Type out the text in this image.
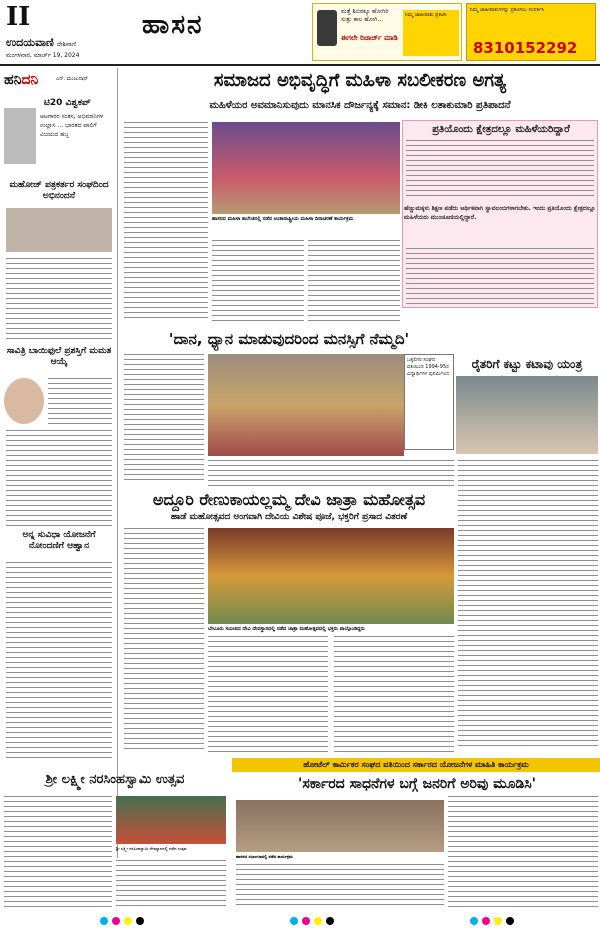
II
ಉದಯವಾಣಿ ದೇಶಿವಾಣಿ
ಮಂಗಳವಾರ, ಮಾರ್ಚ್ 19, 2024
ಹಾಸನ	ಮತ್ತೆ ಶಿಬಿರಕ್ಕೂ ಹೋಗಿರಿ ಸುತ್ತು ಕಾಲ ಹೋಗಿ...
ಈಗಲೇ ರಿಚಾರ್ಜ್ ಮಾಡಿ
ನಿಮ್ಮ ಜಾಹೀರಾತು ಪ್ರಕಟಿಸಿ
ನಿಮ್ಮ ಜಾಹೀರಾತುಗಳನ್ನು ಪ್ರಕಟಿಸಲು ಸಂಪರ್ಕಿಸಿ
8310152292
ಹನಿದನಿ	ಎನ್. ಮಂಜುನಾಥ್
ಟಿ20 ವಿಶ್ವಕಪ್
ಆಟಗಾರರ ಸಂತಸ, ಅಭಿಮಾನಿಗಳ ಉಲ್ಲಾಸ ... ಭಾರತದ ಪಾಲಿಗೆ ವಿಜಯದ ಹಬ್ಬ
ಮಹೋಜ್ ಪತ್ರಕರ್ತರ ಸಂಘದಿಂದ ಅಭಿನಂದನೆ
ಸಾವಿತ್ರಿ ಬಾಯಿಫುಲೆ ಪ್ರಶಸ್ತಿಗೆ ಮಮತ ಆಯ್ಕೆ
ಅನ್ನ ಸುವಿಧಾ ಯೋಜನೆಗೆ ನೋಂದಣಿಗೆ ಆಹ್ವಾನ
ಸಮಾಜದ ಅಭಿವೃದ್ಧಿಗೆ ಮಹಿಳಾ ಸಬಲೀಕರಣ ಅಗತ್ಯ
ಮಹಿಳೆಯರ ಅವಮಾನಿಸುವುದು ಮಾನಸಿಕ ದೌರ್ಜನ್ಯಕ್ಕೆ ಸಮಾನ: ಡೀಕಿ ಲತಾಕುಮಾರಿ ಪ್ರತಿಪಾದನೆ
ಹಾಸನದ ಮಹಿಳಾ ಕಾಲೇಜಿನಲ್ಲಿ ನಡೆದ ಅಂತಾರಾಷ್ಟ್ರೀಯ ಮಹಿಳಾ ದಿನಾಚರಣೆ ಕಾರ್ಯಕ್ರಮ
ಪ್ರತಿಯೊಂದು ಕ್ಷೇತ್ರದಲ್ಲೂ ಮಹಿಳೆಯರಿದ್ದಾರೆ
ಹೆಣ್ಣುಮಕ್ಕಳು ಶಿಕ್ಷಣ ಪಡೆದು ಆರ್ಥಿಕವಾಗಿ ಸ್ವಾವಲಂಬಿಗಳಾಗಬೇಕು. ಇಂದು ಪ್ರತಿಯೊಂದು ಕ್ಷೇತ್ರದಲ್ಲೂ ಮಹಿಳೆಯರು ಮುಂಚೂಣಿಯಲ್ಲಿದ್ದಾರೆ.
'ದಾನ, ಧ್ಯಾನ ಮಾಡುವುದರಿಂದ ಮನಸ್ಸಿಗೆ ನೆಮ್ಮದಿ'
ಒಕ್ಕಲಿಗರ ಸಂಘದ ವತಿಯಿಂದ 1994-95ರ ವಿದ್ಯಾರ್ಥಿಗಳ ಪುನರ್ಮಿಲನ
ರೈತರಿಗೆ ಕಟ್ಟು ಕಟಾವು ಯಂತ್ರ
ಅದ್ದೂರಿ ರೇಣುಕಾಯಲ್ಲಮ್ಮ ದೇವಿ ಜಾತ್ರಾ ಮಹೋತ್ಸವ
ಹಾಡೆ ಮಹೋತ್ಸವದ ಅಂಗವಾಗಿ ದೇವಿಯ ವಿಶೇಷ ಪೂಜೆ, ಭಕ್ತರಿಗೆ ಪ್ರಸಾದ ವಿತರಣೆ
ಬೇಲೂರು ಸಮೀಪದ ದೇವಿ ದೇವಸ್ಥಾನದಲ್ಲಿ ನಡೆದ ಜಾತ್ರಾ ಮಹೋತ್ಸವದಲ್ಲಿ ಭಕ್ತರು ಪಾಲ್ಗೊಂಡಿದ್ದರು
ಹೋಟೆಲ್ ಕಾರ್ಮಿಕರ ಸಂಘದ ವತಿಯಿಂದ ಸರ್ಕಾರದ ಯೋಜನೆಗಳ ಮಾಹಿತಿ ಕಾರ್ಯಕ್ರಮ
ಶ್ರೀ ಲಕ್ಷ್ಮೀ ನರಸಿಂಹಸ್ವಾಮಿ ಉತ್ಸವ	'ಸರ್ಕಾರದ ಸಾಧನೆಗಳ ಬಗ್ಗೆ ಜನರಿಗೆ ಅರಿವು ಮೂಡಿಸಿ'
ಶ್ರೀ ಲಕ್ಷ್ಮೀ ನರಸಿಂಹಸ್ವಾಮಿ ದೇವಸ್ಥಾನದಲ್ಲಿ ನಡೆದ ಉತ್ಸವ
ಹಾಸನದ ಸಭಾಂಗಣದಲ್ಲಿ ನಡೆದ ಕಾರ್ಯಕ್ರಮ
